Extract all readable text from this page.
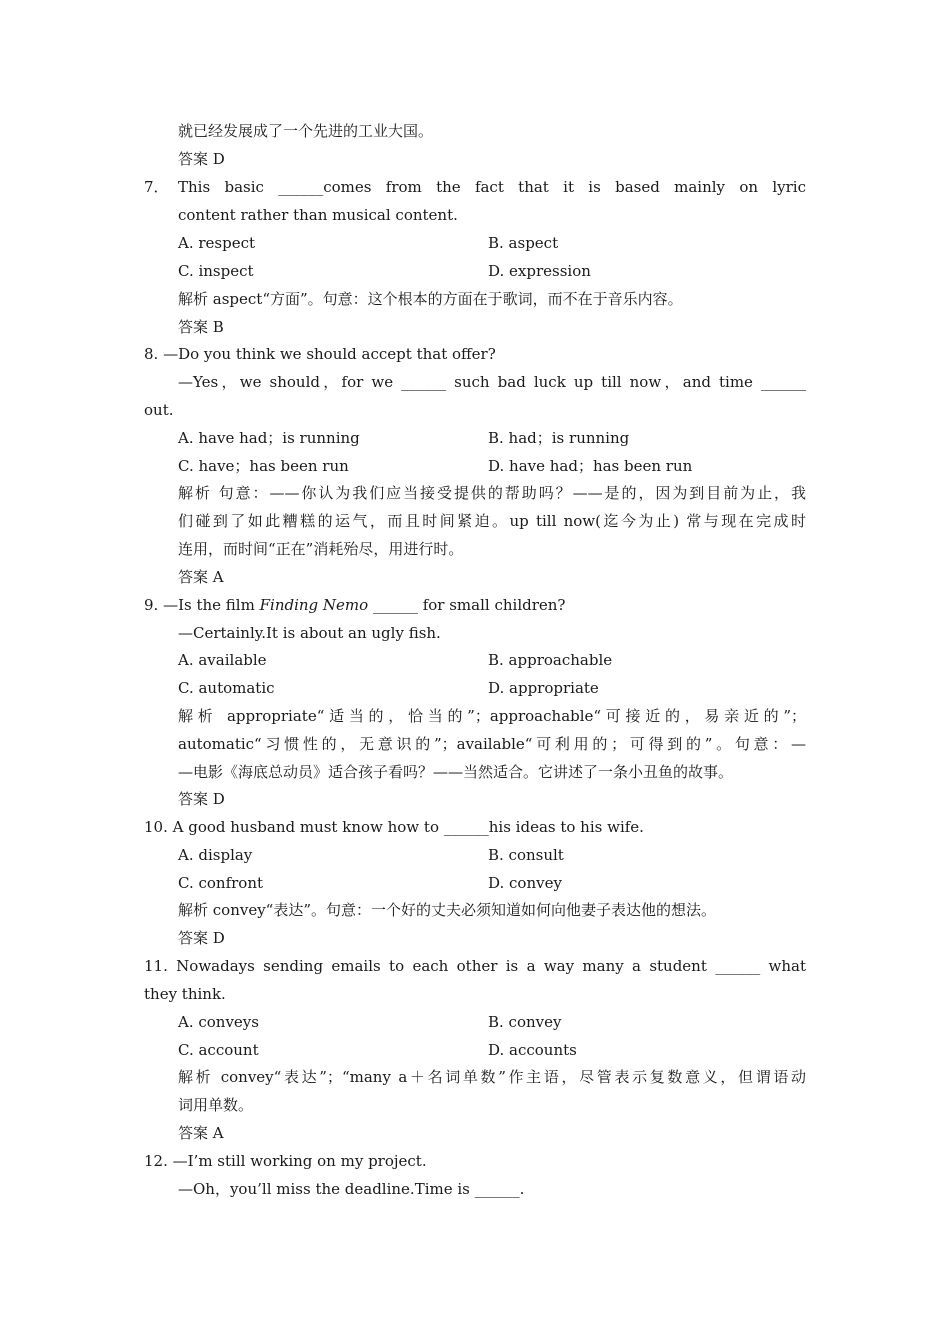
就已经发展成了一个先进的工业大国。
答案 D
7． This basic ______comes from the fact that it is based mainly on lyric
content rather than musical content.
A. respect	B. aspect
C. inspect	D. expression
解析 aspect“方面”。句意：这个根本的方面在于歌词，而不在于音乐内容。
答案 B
8. —Do you think we should accept that offer?
—Yes，we should，for we ______ such bad luck up till now，and time ______
out.
A. have had；is running	B. had；is running
C. have；has been run	D. have had；has been run
解析 句意：——你认为我们应当接受提供的帮助吗？——是的，因为到目前为止，我
们碰到了如此糟糕的运气，而且时间紧迫。up till now(迄今为止) 常与现在完成时
连用，而时间“正在”消耗殆尽，用进行时。
答案 A
9. —Is the film Finding Nemo ______ for small children?
—Certainly.It is about an ugly fish.
A. available	B. approachable
C. automatic	D. appropriate
解析 appropriate“适当的，恰当的”；approachable“可接近的，易亲近的”；
automatic“习惯性的，无意识的”；available“可利用的；可得到的”。句意：—
—电影《海底总动员》适合孩子看吗？——当然适合。它讲述了一条小丑鱼的故事。
答案 D
10. A good husband must know how to ______his ideas to his wife.
A. display	B. consult
C. confront	D. convey
解析 convey“表达”。句意：一个好的丈夫必须知道如何向他妻子表达他的想法。
答案 D
11. Nowadays sending emails to each other is a way many a student ______ what
they think.
A. conveys	B. convey
C. account	D. accounts
解析 convey“表达”；“many a＋名词单数”作主语，尽管表示复数意义，但谓语动
词用单数。
答案 A
12. —I’m still working on my project.
—Oh，you’ll miss the deadline.Time is ______.
